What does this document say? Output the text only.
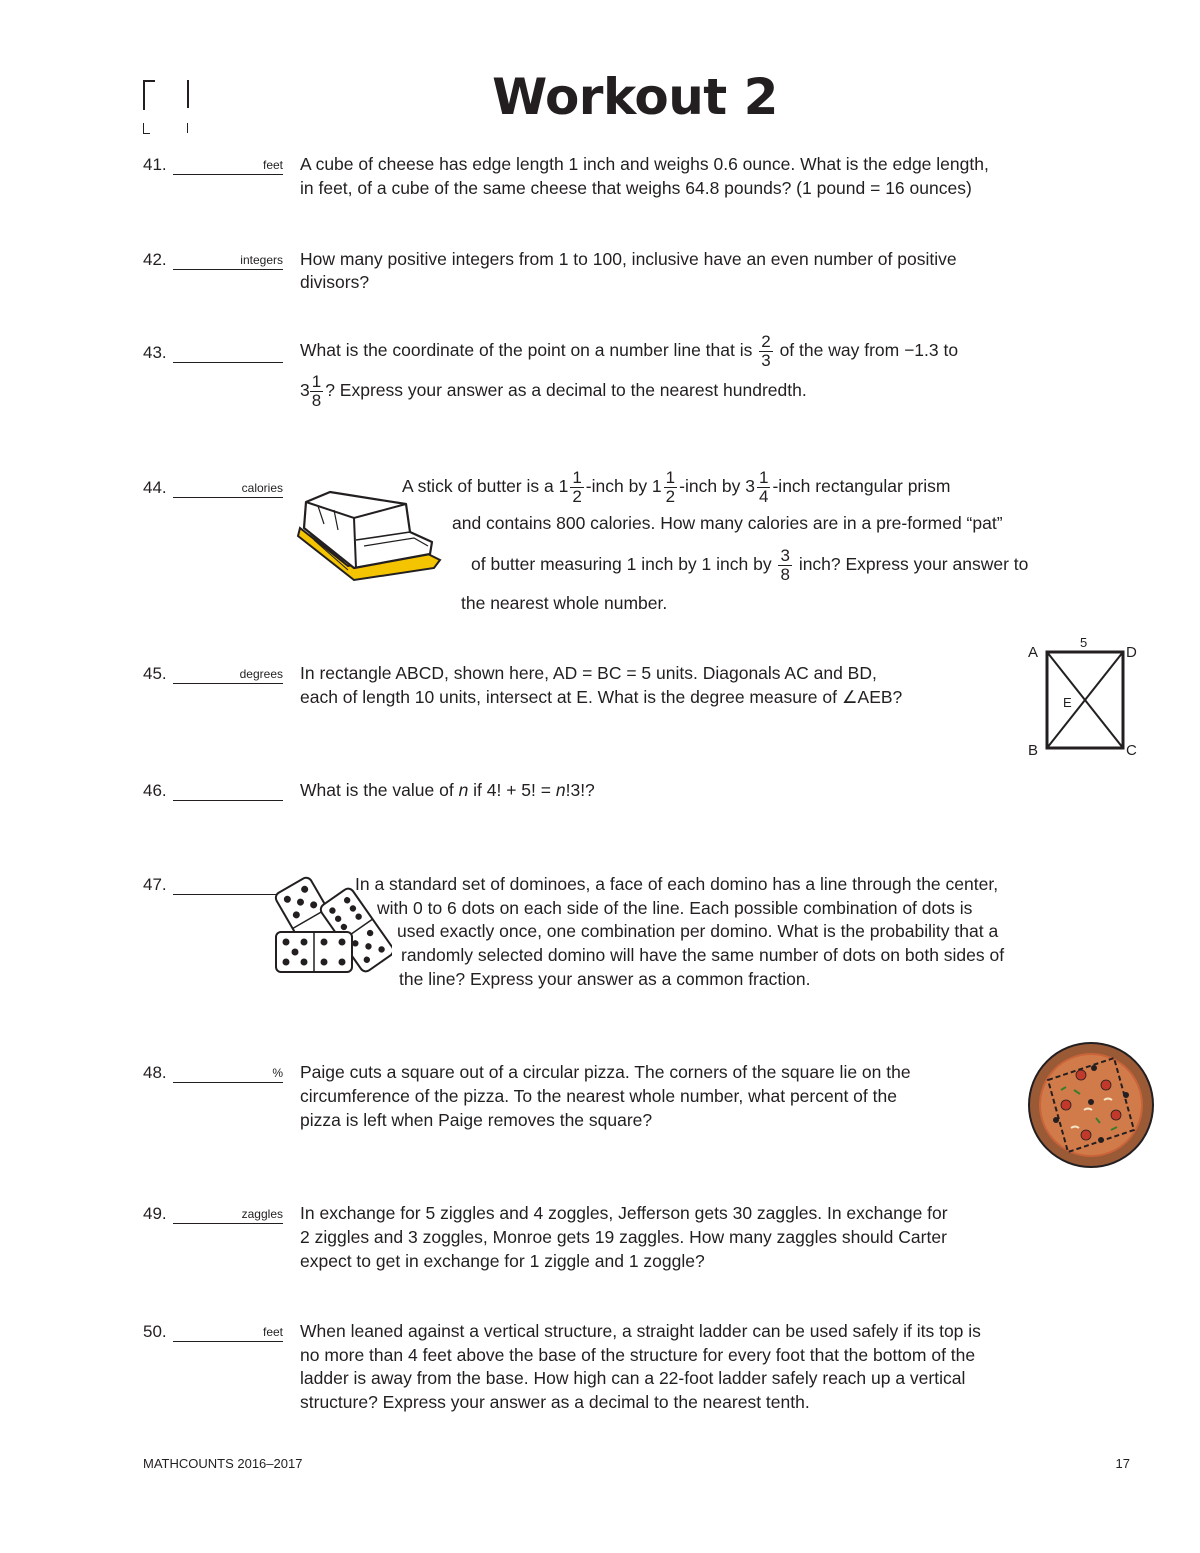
Workout 2
41.	feet A cube of cheese has edge length 1 inch and weighs 0.6 ounce. What is the edge length,
in feet, of a cube of the same cheese that weighs 64.8 pounds? (1 pound = 16 ounces)
42.	integers How many positive integers from 1 to 100, inclusive have an even number of positive
divisors?
43.	What is the coordinate of the point on a number line that is $\frac{2}{3}$ of the way from −1.3 to
$3 \frac{1}{8}$ ? Express your answer as a decimal to the nearest hundredth.
44.	calories	A stick of butter is a $1 \frac{1}{2}$ -inch by $1 \frac{1}{2}$ -inch by $3 \frac{1}{4}$ -inch rectangular prism
and contains 800 calories. How many calories are in a pre-formed “pat”
of butter measuring 1 inch by 1 inch by $\frac{3}{8}$ inch? Express your answer to
the nearest whole number.
45.	degrees In rectangle ABCD, shown here, AD = BC = 5 units. Diagonals AC and BD,
each of length 10 units, intersect at E. What is the degree measure of ∠AEB?
A	D
B	C
E
5
46.	What is the value of n if 4! + 5! = n!3!?
47.	In a standard set of dominoes, a face of each domino has a line through the center,
with 0 to 6 dots on each side of the line. Each possible combination of dots is
used exactly once, one combination per domino. What is the probability that a
randomly selected domino will have the same number of dots on both sides of
the line? Express your answer as a common fraction.
48.	% Paige cuts a square out of a circular pizza. The corners of the square lie on the
circumference of the pizza. To the nearest whole number, what percent of the
pizza is left when Paige removes the square?
49.	zaggles In exchange for 5 ziggles and 4 zoggles, Jefferson gets 30 zaggles. In exchange for
2 ziggles and 3 zoggles, Monroe gets 19 zaggles. How many zaggles should Carter
expect to get in exchange for 1 ziggle and 1 zoggle?
50.	feet When leaned against a vertical structure, a straight ladder can be used safely if its top is
no more than 4 feet above the base of the structure for every foot that the bottom of the
ladder is away from the base. How high can a 22-foot ladder safely reach up a vertical
structure? Express your answer as a decimal to the nearest tenth.
MATHCOUNTS 2016–2017	17
